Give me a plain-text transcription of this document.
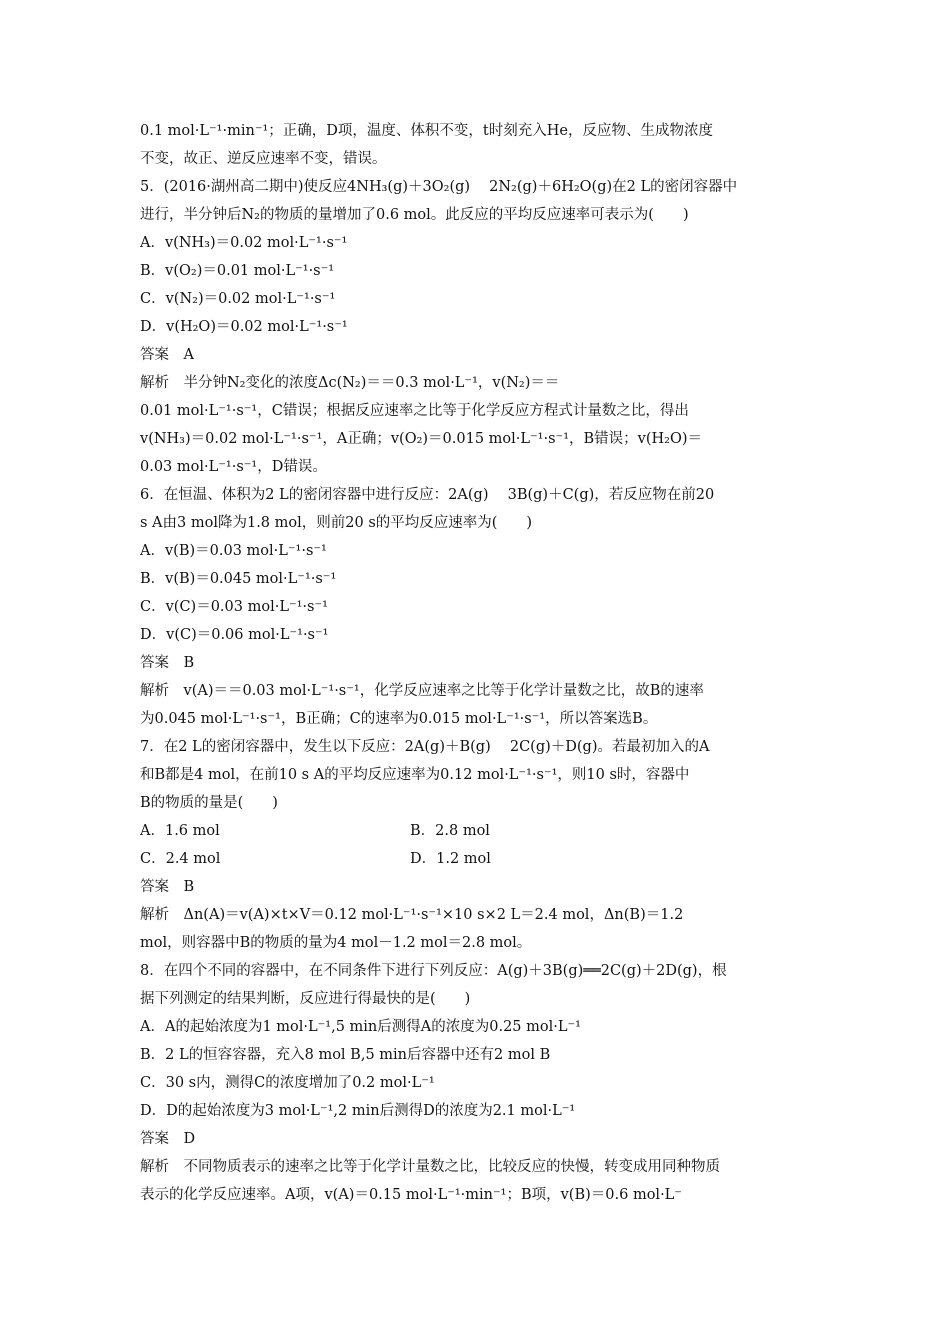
0.1 mol·L⁻¹·min⁻¹；正确，D项，温度、体积不变，t时刻充入He，反应物、生成物浓度
不变，故正、逆反应速率不变，错误。
5．(2016·湖州高二期中)使反应4NH₃(g)＋3O₂(g)　 2N₂(g)＋6H₂O(g)在2 L的密闭容器中
进行，半分钟后N₂的物质的量增加了0.6 mol。此反应的平均反应速率可表示为(　　)
A．v(NH₃)＝0.02 mol·L⁻¹·s⁻¹
B．v(O₂)＝0.01 mol·L⁻¹·s⁻¹
C．v(N₂)＝0.02 mol·L⁻¹·s⁻¹
D．v(H₂O)＝0.02 mol·L⁻¹·s⁻¹
答案　A
解析　半分钟N₂变化的浓度Δc(N₂)＝＝0.3 mol·L⁻¹，v(N₂)＝＝
0.01 mol·L⁻¹·s⁻¹，C错误；根据反应速率之比等于化学反应方程式计量数之比，得出
v(NH₃)＝0.02 mol·L⁻¹·s⁻¹，A正确；v(O₂)＝0.015 mol·L⁻¹·s⁻¹，B错误；v(H₂O)＝
0.03 mol·L⁻¹·s⁻¹，D错误。
6．在恒温、体积为2 L的密闭容器中进行反应：2A(g)　 3B(g)＋C(g)，若反应物在前20
s A由3 mol降为1.8 mol，则前20 s的平均反应速率为(　　)
A．v(B)＝0.03 mol·L⁻¹·s⁻¹
B．v(B)＝0.045 mol·L⁻¹·s⁻¹
C．v(C)＝0.03 mol·L⁻¹·s⁻¹
D．v(C)＝0.06 mol·L⁻¹·s⁻¹
答案　B
解析　v(A)＝＝0.03 mol·L⁻¹·s⁻¹，化学反应速率之比等于化学计量数之比，故B的速率
为0.045 mol·L⁻¹·s⁻¹，B正确；C的速率为0.015 mol·L⁻¹·s⁻¹，所以答案选B。
7．在2 L的密闭容器中，发生以下反应：2A(g)＋B(g)　 2C(g)＋D(g)。若最初加入的A
和B都是4 mol，在前10 s A的平均反应速率为0.12 mol·L⁻¹·s⁻¹，则10 s时，容器中
B的物质的量是(　　)
A．1.6 mol	B．2.8 mol
C．2.4 mol	D．1.2 mol
答案　B
解析　Δn(A)＝v(A)×t×V＝0.12 mol·L⁻¹·s⁻¹×10 s×2 L＝2.4 mol，Δn(B)＝1.2
mol，则容器中B的物质的量为4 mol－1.2 mol＝2.8 mol。
8．在四个不同的容器中，在不同条件下进行下列反应：A(g)＋3B(g)══2C(g)＋2D(g)，根
据下列测定的结果判断，反应进行得最快的是(　　)
A．A的起始浓度为1 mol·L⁻¹,5 min后测得A的浓度为0.25 mol·L⁻¹
B．2 L的恒容容器，充入8 mol B,5 min后容器中还有2 mol B
C．30 s内，测得C的浓度增加了0.2 mol·L⁻¹
D．D的起始浓度为3 mol·L⁻¹,2 min后测得D的浓度为2.1 mol·L⁻¹
答案　D
解析　不同物质表示的速率之比等于化学计量数之比，比较反应的快慢，转变成用同种物质
表示的化学反应速率。A项，v(A)＝0.15 mol·L⁻¹·min⁻¹；B项，v(B)＝0.6 mol·L⁻
